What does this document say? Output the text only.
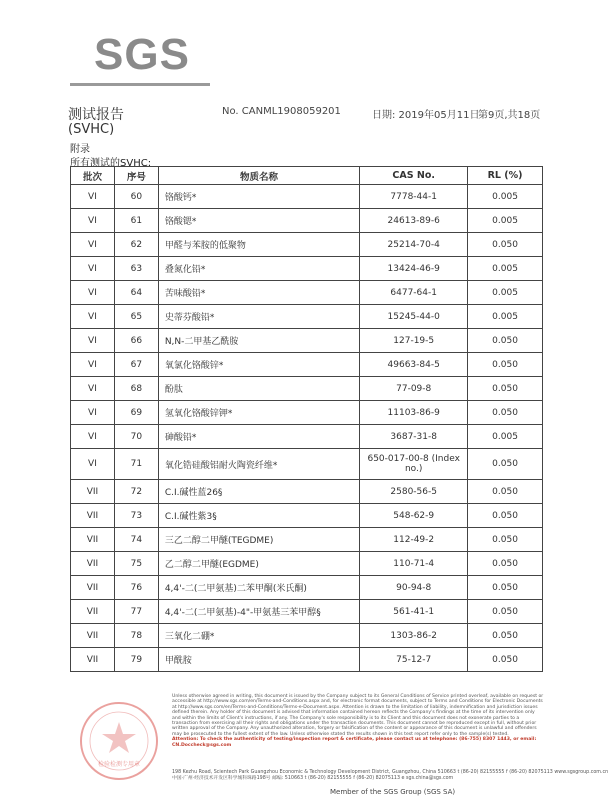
SGS
测试报告
(SVHC)
No. CANML1908059201	日期: 2019年05月11日
第9页,共18页
附录
所有测试的SVHC:
批次	序号	物质名称	CAS No.	RL (%)
VI	60	铬酸钙*	7778-44-1	0.005
VI	61	铬酸锶*	24613-89-6	0.005
VI	62	甲醛与苯胺的低聚物	25214-70-4	0.050
VI	63	叠氮化铅*	13424-46-9	0.005
VI	64	苦味酸铅*	6477-64-1	0.005
VI	65	史蒂芬酸铅*	15245-44-0	0.005
VI	66	N,N-二甲基乙酰胺	127-19-5	0.050
VI	67	氧氯化铬酸锌*	49663-84-5	0.050
VI	68	酚肽	77-09-8	0.050
VI	69	氢氧化铬酸锌钾*	11103-86-9	0.050
VI	70	砷酸铅*	3687-31-8	0.005
VI	71	氧化锆硅酸铝耐火陶瓷纤维*	650-017-00-8 (Index no.)	0.050
VII	72	C.I.碱性蓝26§	2580-56-5	0.050
VII	73	C.I.碱性紫3§	548-62-9	0.050
VII	74	三乙二醇二甲醚(TEGDME)	112-49-2	0.050
VII	75	乙二醇二甲醚(EGDME)	110-71-4	0.050
VII	76	4,4'-二(二甲氨基)二苯甲酮(米氏酮)	90-94-8	0.050
VII	77	4,4'-二(二甲氨基)-4"-甲氨基三苯甲醇§	561-41-1	0.050
VII	78	三氧化二硼*	1303-86-2	0.050
VII	79	甲酰胺	75-12-7	0.050
检验检测专用章
Unless otherwise agreed in writing, this document is issued by the Company subject to its General Conditions of Service printed overleaf, available on request or accessible at http://www.sgs.com/en/Terms-and-Conditions.aspx and, for electronic format documents, subject to Terms and Conditions for Electronic Documents at http://www.sgs.com/en/Terms-and-Conditions/Terms-e-Document.aspx. Attention is drawn to the limitation of liability, indemnification and jurisdiction issues defined therein. Any holder of this document is advised that information contained hereon reflects the Company's findings at the time of its intervention only and within the limits of Client's instructions, if any. The Company's sole responsibility is to its Client and this document does not exonerate parties to a transaction from exercising all their rights and obligations under the transaction documents. This document cannot be reproduced except in full, without prior written approval of the Company. Any unauthorized alteration, forgery or falsification of the content or appearance of this document is unlawful and offenders may be prosecuted to the fullest extent of the law. Unless otherwise stated the results shown in this test report refer only to the sample(s) tested.
Attention: To check the authenticity of testing/inspection report & certificate, please contact us at telephone: (86-755) 8307 1443, or email: CN.Doccheck@sgs.com
198 Kezhu Road, Scientech Park Guangzhou Economic & Technology Development District, Guangzhou, China 510663 t (86-20) 82155555 f (86-20) 82075113 www.sgsgroup.com.cn
中国·广州·经济技术开发区科学城科珠路198号 邮编: 510663 t (86-20) 82155555 f (86-20) 82075113 e sgs.china@sgs.com
Member of the SGS Group (SGS SA)
